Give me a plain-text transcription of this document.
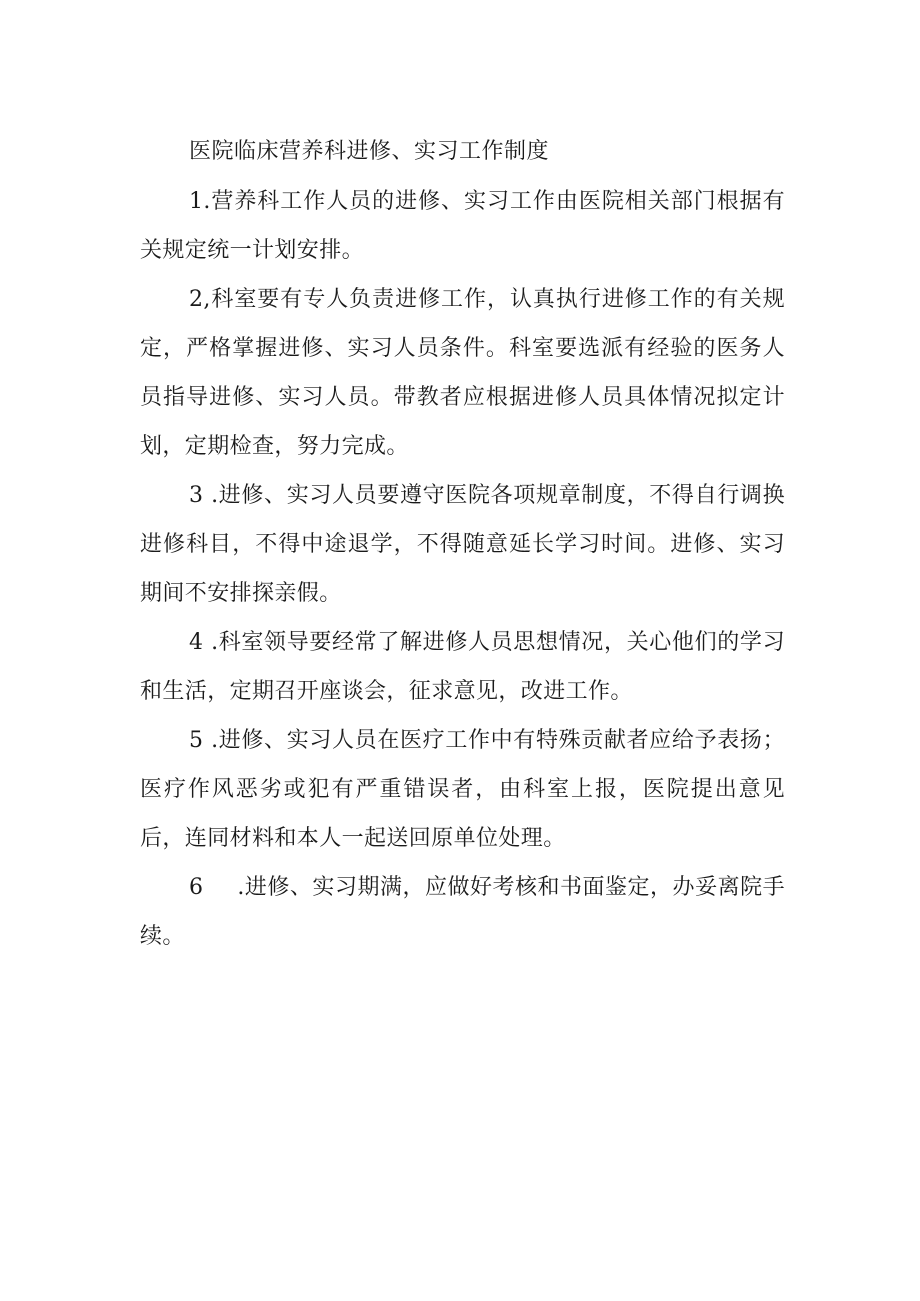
医院临床营养科进修、实习工作制度

1.营养科工作人员的进修、实习工作由医院相关部门根据有关规定统一计划安排。

2,科室要有专人负责进修工作，认真执行进修工作的有关规定，严格掌握进修、实习人员条件。科室要选派有经验的医务人员指导进修、实习人员。带教者应根据进修人员具体情况拟定计划，定期检查，努力完成。

3 .进修、实习人员要遵守医院各项规章制度，不得自行调换进修科目，不得中途退学，不得随意延长学习时间。进修、实习期间不安排探亲假。

4 .科室领导要经常了解进修人员思想情况，关心他们的学习和生活，定期召开座谈会，征求意见，改进工作。

5 .进修、实习人员在医疗工作中有特殊贡献者应给予表扬；医疗作风恶劣或犯有严重错误者，由科室上报，医院提出意见后，连同材料和本人一起送回原单位处理。

6 .进修、实习期满，应做好考核和书面鉴定，办妥离院手续。
